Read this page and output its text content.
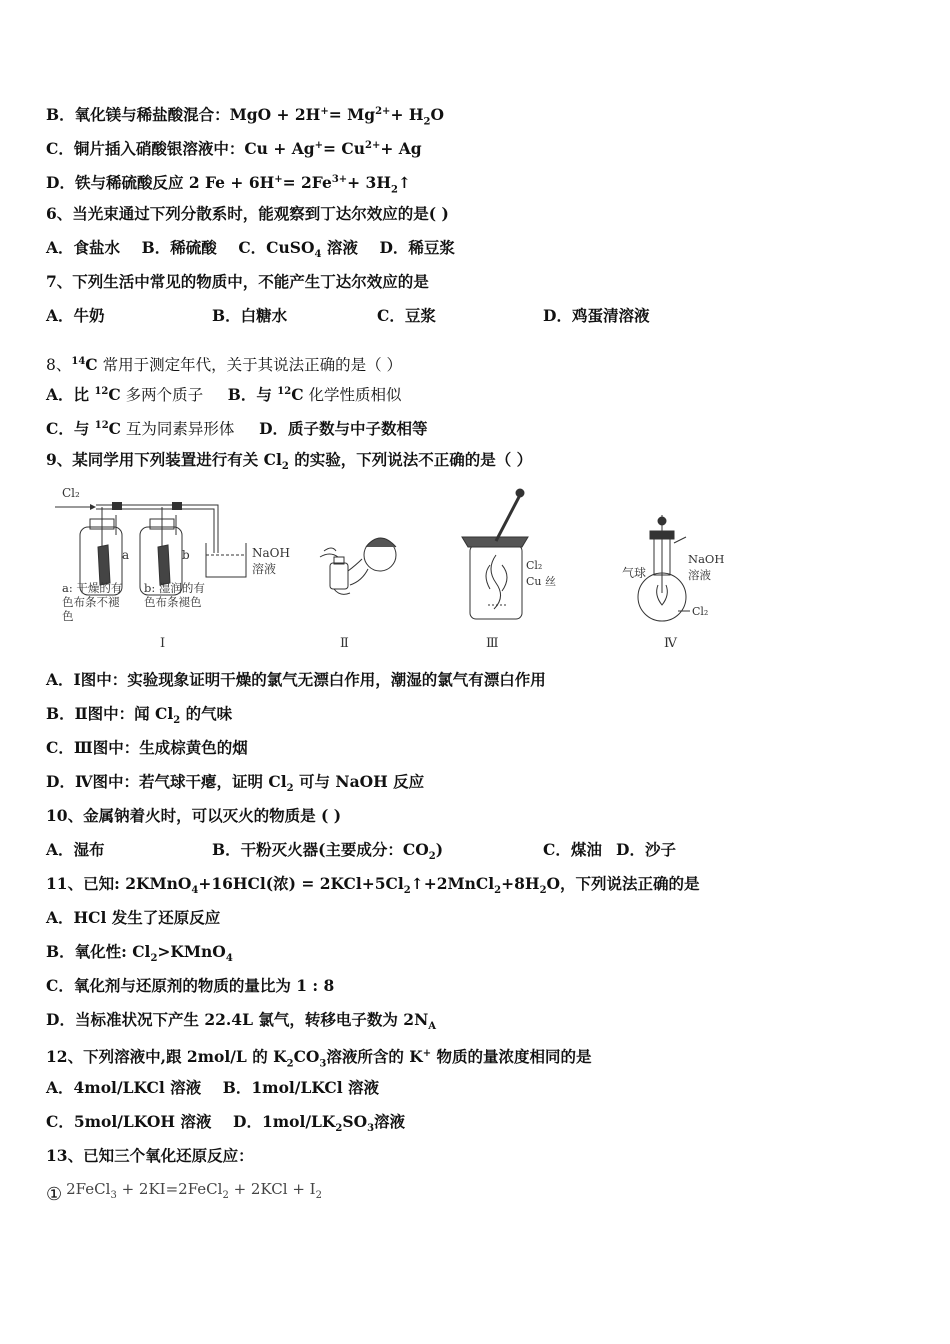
B．氧化镁与稀盐酸混合：MgO + $2H^+= Mg^{2+}+ H_2O$
C．铜片插入硝酸银溶液中：$Cu + Ag^+= Cu^{2+}+ Ag$
D．铁与稀硫酸反应 2 $Fe + 6H^+= 2Fe^{3+}+$ $3H_2↑$
6、当光束通过下列分散系时，能观察到丁达尔效应的是( )
A．食盐水 B．稀硫酸 C．CuSO$_4$ 溶液 D．稀豆浆
7、下列生活中常见的物质中，不能产生丁达尔效应的是
A．牛奶	B．白糖水	C．豆浆	D．鸡蛋清溶液
8、$^{14}$C 常用于测定年代，关于其说法正确的是（ ）
A．比 $^{12}$C 多两个质子 B．与 $^{12}$C 化学性质相似
C．与 $^{12}$C 互为同素异形体 D．质子数与中子数相等
9、某同学用下列装置进行有关 $Cl_2$ 的实验，下列说法不正确的是（ ）
Cl₂
a	b	NaOH
溶液
a: 干燥的有
色布条不褪
色
b: 湿润的有
色布条褪色
Ⅰ	Ⅱ
Cl₂
Cu 丝
Ⅲ
气球
NaOH
溶液
Cl₂
Ⅳ
A．Ⅰ图中：实验现象证明干燥的氯气无漂白作用，潮湿的氯气有漂白作用
B．Ⅱ图中：闻 $Cl_2$ 的气味
C．Ⅲ图中：生成棕黄色的烟
D．Ⅳ图中：若气球干瘪，证明 $Cl_2$ 可与 NaOH 反应
10、金属钠着火时，可以灭火的物质是 ( )
A．湿布	B．干粉灭火器(主要成分：$CO_2$)	C．煤油 D．沙子
11、已知: 2KMnO$_4$+16HCl(浓) = $2KCl+5Cl_2↑+2MnCl_2+8H_2O$，下列说法正确的是
A．HCl 发生了还原反应
B．氧化性: $Cl_2>KMnO_4$
C．氧化剂与还原剂的物质的量比为 1 : 8
D．当标准状况下产生 22.4L 氯气，转移电子数为 $2N_A$
12、下列溶液中,跟 2mol/L 的 $K_2CO_3$溶液所含的 K+ 物质的量浓度相同的是
A．4mol/LKCl 溶液 B．1mol/LKCl 溶液
C．5mol/LKOH 溶液 D．$1mol/LK_2SO_3$溶液
13、已知三个氧化还原反应：
① 2FeCl$_3$ + 2KI=2FeCl$_2$ + $2KCl + I_2$
